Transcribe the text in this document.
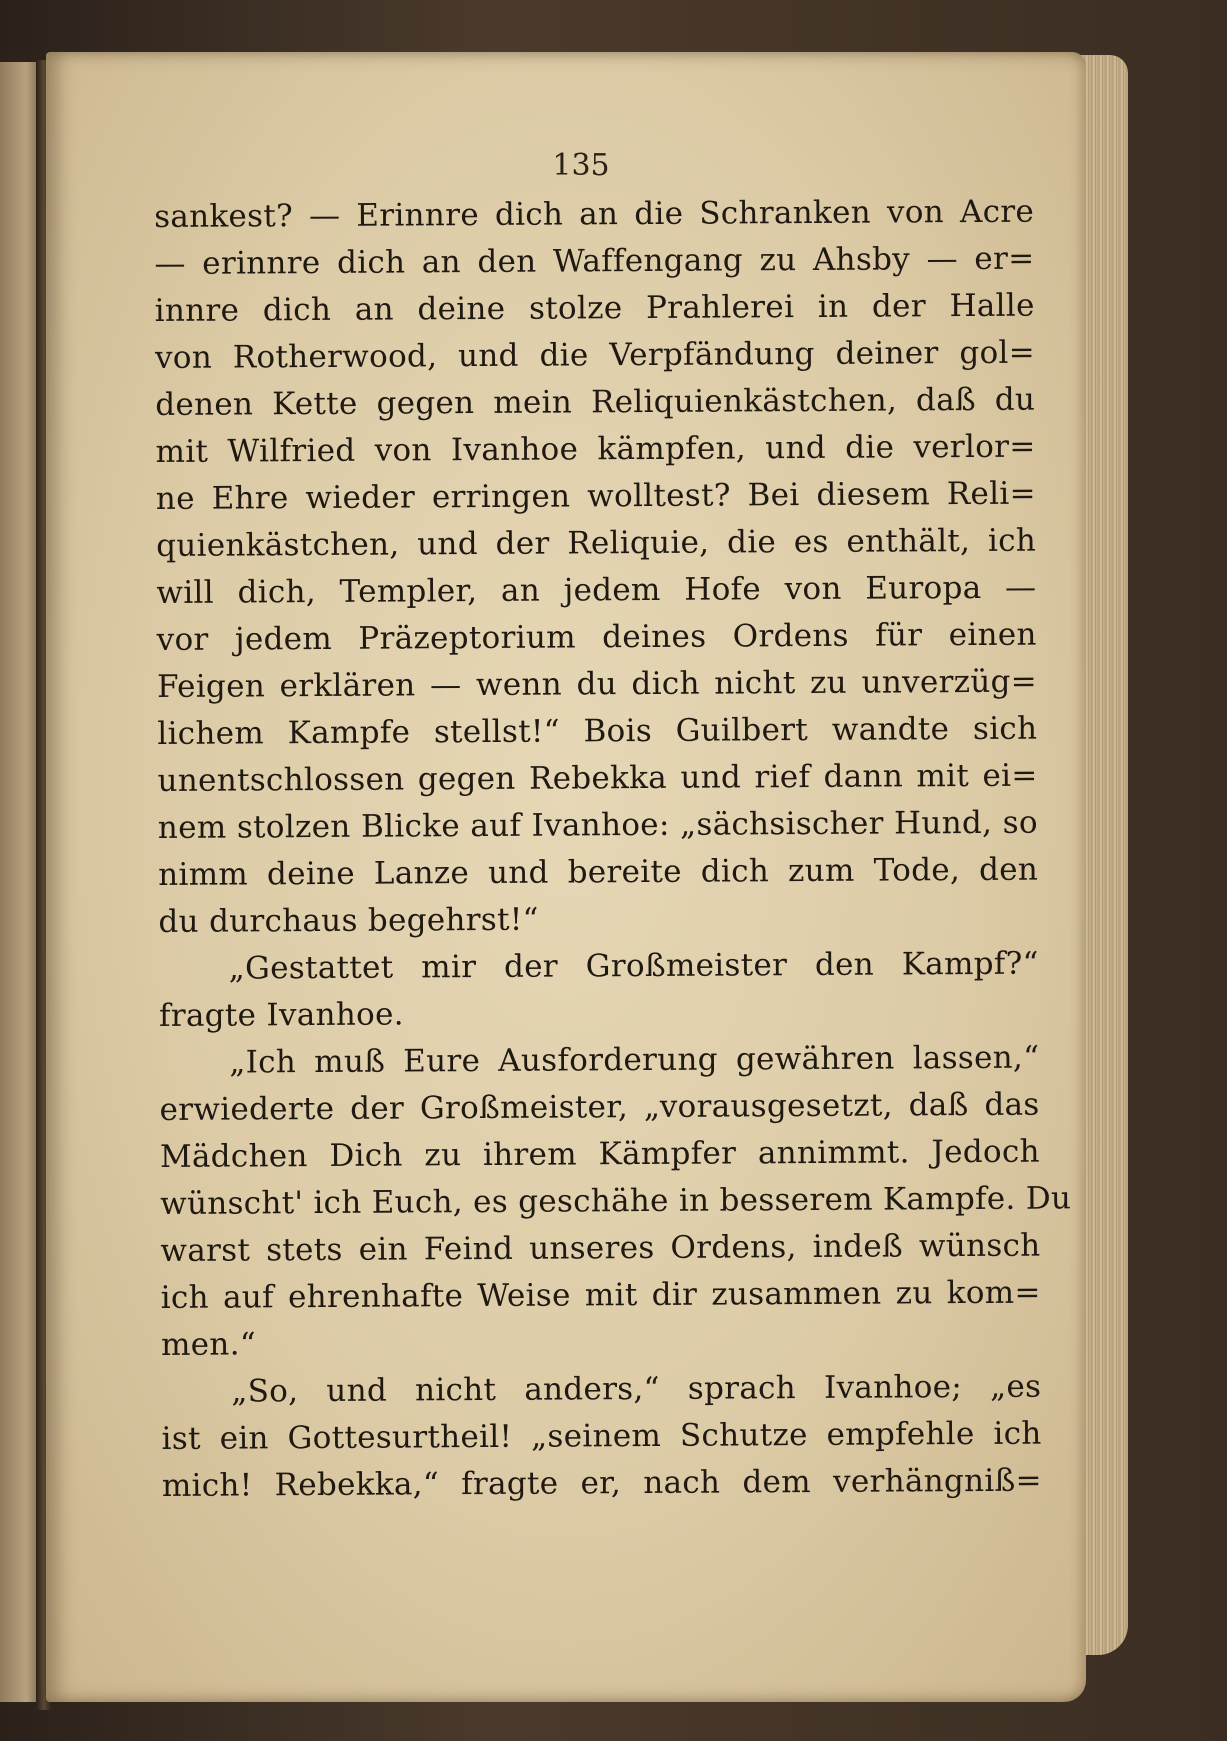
135
sankest? — Erinnre dich an die Schranken von Acre
— erinnre dich an den Waffengang zu Ahsby — er=
innre dich an deine stolze Prahlerei in der Halle
von Rotherwood, und die Verpfändung deiner gol=
denen Kette gegen mein Reliquienkästchen, daß du
mit Wilfried von Ivanhoe kämpfen, und die verlor=
ne Ehre wieder erringen wolltest? Bei diesem Reli=
quienkästchen, und der Reliquie, die es enthält, ich
will dich, Templer, an jedem Hofe von Europa —
vor jedem Präzeptorium deines Ordens für einen
Feigen erklären — wenn du dich nicht zu unverzüg=
lichem Kampfe stellst!“ Bois Guilbert wandte sich
unentschlossen gegen Rebekka und rief dann mit ei=
nem stolzen Blicke auf Ivanhoe: „sächsischer Hund, so
nimm deine Lanze und bereite dich zum Tode, den
du durchaus begehrst!“
„Gestattet mir der Großmeister den Kampf?“
fragte Ivanhoe.
„Ich muß Eure Ausforderung gewähren lassen,“
erwiederte der Großmeister, „vorausgesetzt, daß das
Mädchen Dich zu ihrem Kämpfer annimmt. Jedoch
wünscht' ich Euch, es geschähe in besserem Kampfe. Du
warst stets ein Feind unseres Ordens, indeß wünsch
ich auf ehrenhafte Weise mit dir zusammen zu kom=
men.“
„So, und nicht anders,“ sprach Ivanhoe; „es
ist ein Gottesurtheil! „seinem Schutze empfehle ich
mich! Rebekka,“ fragte er, nach dem verhängniß=
